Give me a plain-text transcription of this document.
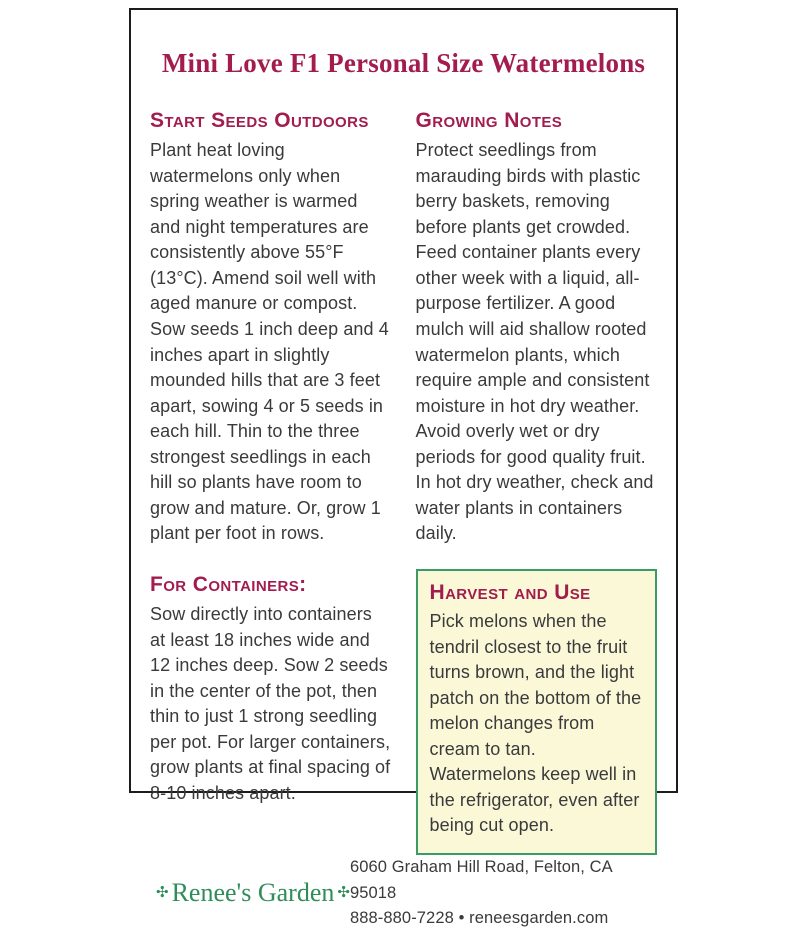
Mini Love F1 Personal Size Watermelons
Start Seeds Outdoors

Plant heat loving watermelons only when spring weather is warmed and night temperatures are consistently above 55°F (13°C). Amend soil well with aged manure or compost. Sow seeds 1 inch deep and 4 inches apart in slightly mounded hills that are 3 feet apart, sowing 4 or 5 seeds in each hill. Thin to the three strongest seedlings in each hill so plants have room to grow and mature. Or, grow 1 plant per foot in rows.

For Containers:

Sow directly into containers at least 18 inches wide and 12 inches deep. Sow 2 seeds in the center of the pot, then thin to just 1 strong seedling per pot. For larger containers, grow plants at final spacing of 8-10 inches apart.

Growing Notes

Protect seedlings from marauding birds with plastic berry baskets, removing before plants get crowded. Feed container plants every other week with a liquid, all-purpose fertilizer. A good mulch will aid shallow rooted watermelon plants, which require ample and consistent moisture in hot dry weather. Avoid overly wet or dry periods for good quality fruit. In hot dry weather, check and water plants in containers daily.

Harvest and Use

Pick melons when the tendril closest to the fruit turns brown, and the light patch on the bottom of the melon changes from cream to tan. Watermelons keep well in the refrigerator, even after being cut open.

✣ Renee's Garden ✣
6060 Graham Hill Road, Felton, CA 95018
888-880-7228 • reneesgarden.com
